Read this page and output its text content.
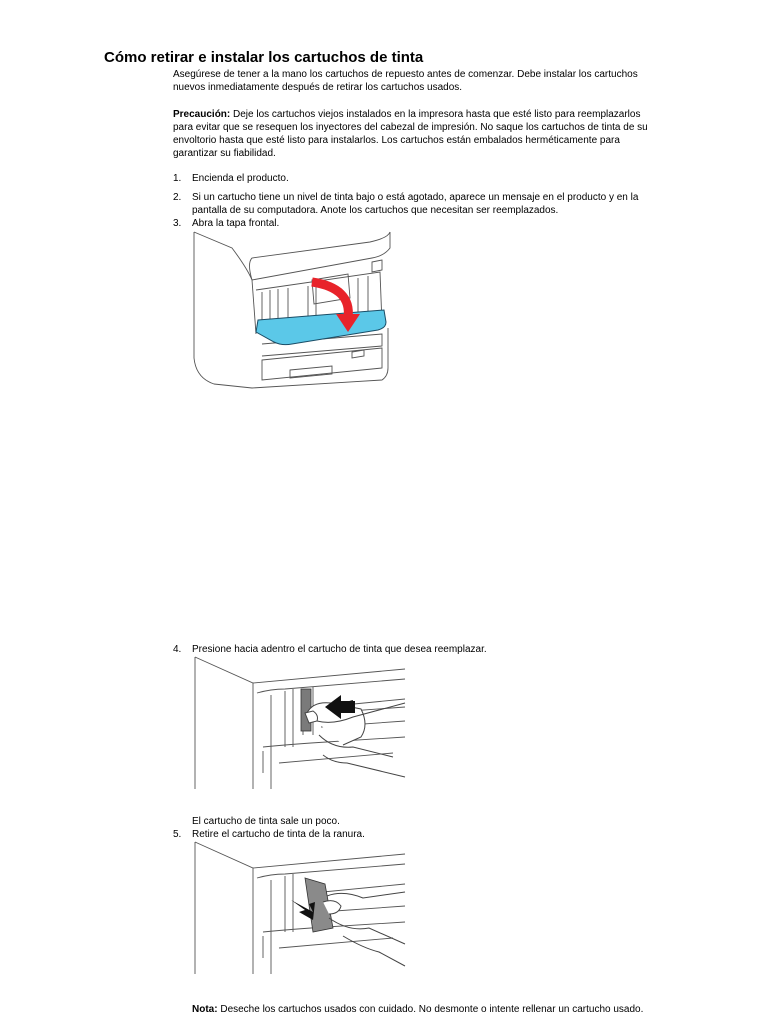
Cómo retirar e instalar los cartuchos de tinta

Asegúrese de tener a la mano los cartuchos de repuesto antes de comenzar. Debe instalar los cartuchos nuevos inmediatamente después de retirar los cartuchos usados.

Precaución: Deje los cartuchos viejos instalados en la impresora hasta que esté listo para reemplazarlos para evitar que se resequen los inyectores del cabezal de impresión. No saque los cartuchos de tinta de su envoltorio hasta que esté listo para instalarlos. Los cartuchos están embalados herméticamente para garantizar su fiabilidad.

1. Encienda el producto.
2. Si un cartucho tiene un nivel de tinta bajo o está agotado, aparece un mensaje en el producto y en la pantalla de su computadora. Anote los cartuchos que necesitan ser reemplazados.
3. Abra la tapa frontal.
4. Presione hacia adentro el cartucho de tinta que desea reemplazar.
El cartucho de tinta sale un poco.
5. Retire el cartucho de tinta de la ranura.
Nota: Deseche los cartuchos usados con cuidado. No desmonte o intente rellenar un cartucho usado.
